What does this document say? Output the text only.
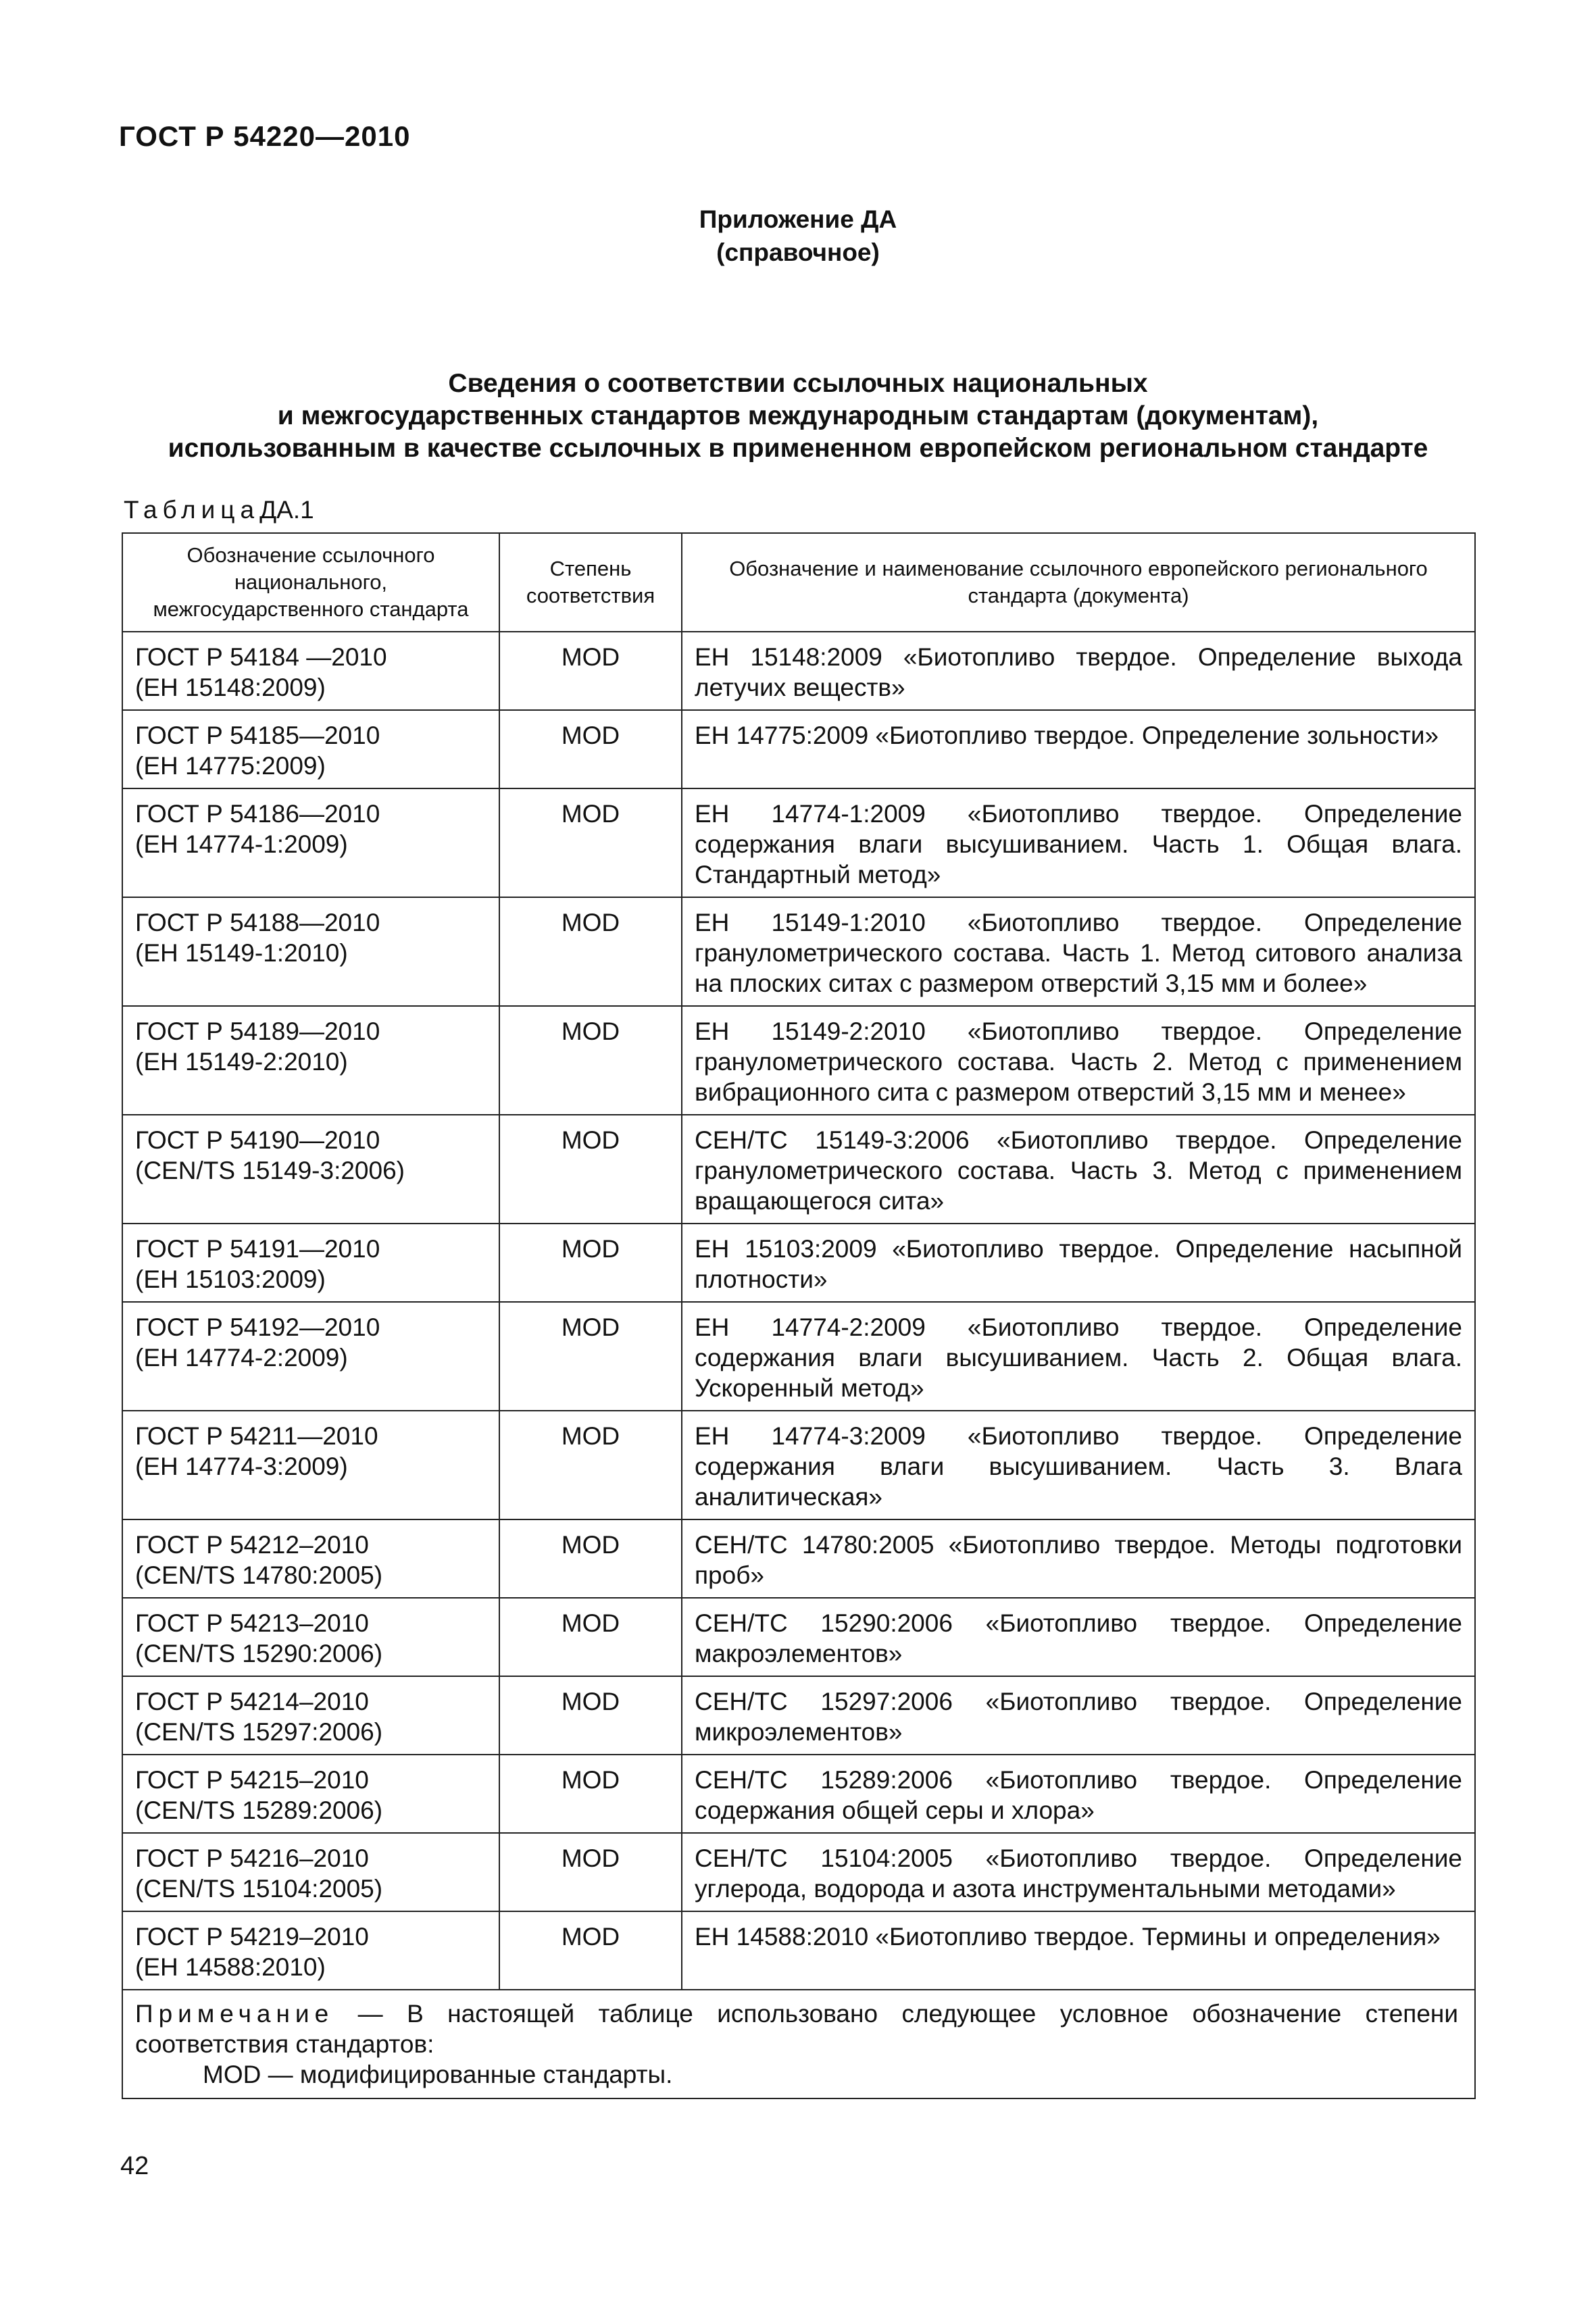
ГОСТ Р 54220—2010
Приложение ДА
(справочное)
Сведения о соответствии ссылочных национальных
и межгосударственных стандартов международным стандартам (документам),
использованным в качестве ссылочных в примененном европейском региональном стандарте
ТаблицаДА.1
Обозначение ссылочного национального, межгосударственного стандарта	Степень соответствия	Обозначение и наименование ссылочного европейского регионального стандарта (документа)

ГОСТ Р 54184 —2010
(ЕН 15148:2009)	MOD	ЕН 15148:2009 «Биотопливо твердое. Определение выхода летучих веществ»

ГОСТ Р 54185—2010
(ЕН 14775:2009)	MOD	ЕН 14775:2009 «Биотопливо твердое. Определение зольности»

ГОСТ Р 54186—2010
(ЕН 14774-1:2009)	MOD	ЕН 14774-1:2009 «Биотопливо твердое. Определение содержания влаги высушиванием. Часть 1. Общая влага. Стандартный метод»

ГОСТ Р 54188—2010
(ЕН 15149-1:2010)	MOD	ЕН 15149-1:2010 «Биотопливо твердое. Определение гранулометрического состава. Часть 1. Метод ситового анализа на плоских ситах с размером отверстий 3,15 мм и более»

ГОСТ Р 54189—2010
(ЕН 15149-2:2010)	MOD	ЕН 15149-2:2010 «Биотопливо твердое. Определение гранулометрического состава. Часть 2. Метод с применением вибрационного сита с размером отверстий 3,15 мм и менее»

ГОСТ Р 54190—2010
(CEN/TS 15149-3:2006)	MOD	СЕН/ТС 15149-3:2006 «Биотопливо твердое. Определение гранулометрического состава. Часть 3. Метод с применением вращающегося сита»

ГОСТ Р 54191—2010
(ЕН 15103:2009)	MOD	ЕН 15103:2009 «Биотопливо твердое. Определение насыпной плотности»

ГОСТ Р 54192—2010
(ЕН 14774-2:2009)	MOD	ЕН 14774-2:2009 «Биотопливо твердое. Определение содержания влаги высушиванием. Часть 2. Общая влага. Ускоренный метод»

ГОСТ Р 54211—2010
(ЕН 14774-3:2009)	MOD	ЕН 14774-3:2009 «Биотопливо твердое. Определение содержания влаги высушиванием. Часть 3. Влага аналитическая»

ГОСТ Р 54212–2010
(CEN/TS 14780:2005)	MOD	СЕН/ТС 14780:2005 «Биотопливо твердое. Методы подготовки проб»

ГОСТ Р 54213–2010
(CEN/TS 15290:2006)	MOD	СЕН/ТС 15290:2006 «Биотопливо твердое. Определение макроэлементов»

ГОСТ Р 54214–2010
(CEN/TS 15297:2006)	MOD	СЕН/ТС 15297:2006 «Биотопливо твердое. Определение микроэлементов»

ГОСТ Р 54215–2010
(CEN/TS 15289:2006)	MOD	СЕН/ТС 15289:2006 «Биотопливо твердое. Определение содержания общей серы и хлора»

ГОСТ Р 54216–2010
(CEN/TS 15104:2005)	MOD	СЕН/ТС 15104:2005 «Биотопливо твердое. Определение углерода, водорода и азота инструментальными методами»

ГОСТ Р 54219–2010
(ЕН 14588:2010)	MOD	ЕН 14588:2010 «Биотопливо твердое. Термины и определения»

Примечание — В настоящей таблице использовано следующее условное обозначение степени соответствия стандартов:
MOD — модифицированные стандарты.		
42
